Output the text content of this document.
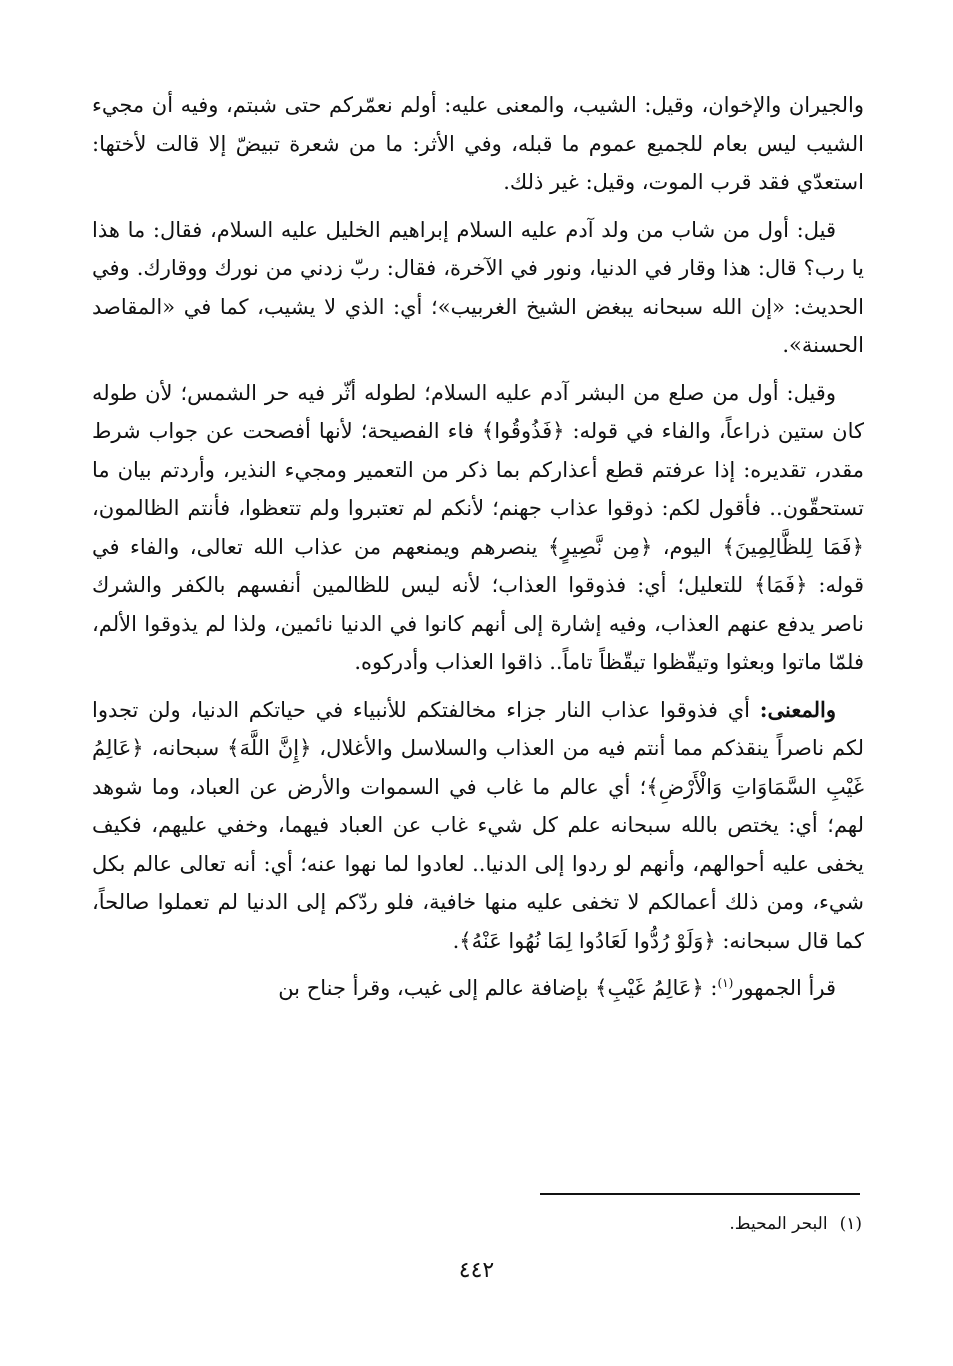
والجيران والإخوان، وقيل: الشيب، والمعنى عليه: أولم نعمّركم حتى شبتم، وفيه أن مجيء الشيب ليس بعام للجميع عموم ما قبله، وفي الأثر: ما من شعرة تبيضّ إلا قالت لأختها: استعدّي فقد قرب الموت، وقيل: غير ذلك.

قيل: أول من شاب من ولد آدم عليه السلام إبراهيم الخليل عليه السلام، فقال: ما هذا يا رب؟ قال: هذا وقار في الدنيا، ونور في الآخرة، فقال: ربّ زدني من نورك ووقارك. وفي الحديث: «إن الله سبحانه يبغض الشيخ الغربيب»؛ أي: الذي لا يشيب، كما في «المقاصد الحسنة».

وقيل: أول من صلع من البشر آدم عليه السلام؛ لطوله أثّر فيه حر الشمس؛ لأن طوله كان ستين ذراعاً، والفاء في قوله: ﴿فَذُوقُوا﴾ فاء الفصيحة؛ لأنها أفصحت عن جواب شرط مقدر، تقديره: إذا عرفتم قطع أعذاركم بما ذكر من التعمير ومجيء النذير، وأردتم بيان ما تستحقّون.. فأقول لكم: ذوقوا عذاب جهنم؛ لأنكم لم تعتبروا ولم تتعظوا، فأنتم الظالمون، ﴿فَمَا لِلظَّالِمِينَ﴾ اليوم، ﴿مِن نَّصِيرٍ﴾ ينصرهم ويمنعهم من عذاب الله تعالى، والفاء في قوله: ﴿فَمَا﴾ للتعليل؛ أي: فذوقوا العذاب؛ لأنه ليس للظالمين أنفسهم بالكفر والشرك ناصر يدفع عنهم العذاب، وفيه إشارة إلى أنهم كانوا في الدنيا نائمين، ولذا لم يذوقوا الألم، فلمّا ماتوا وبعثوا وتيقّظوا تيقّظاً تاماً.. ذاقوا العذاب وأدركوه.

والمعنى: أي فذوقوا عذاب النار جزاء مخالفتكم للأنبياء في حياتكم الدنيا، ولن تجدوا لكم ناصراً ينقذكم مما أنتم فيه من العذاب والسلاسل والأغلال، ﴿إِنَّ اللَّهَ﴾ سبحانه، ﴿عَالِمُ غَيْبِ السَّمَاوَاتِ وَالْأَرْضِ﴾؛ أي عالم ما غاب في السموات والأرض عن العباد، وما شوهد لهم؛ أي: يختص بالله سبحانه علم كل شيء غاب عن العباد فيهما، وخفي عليهم، فكيف يخفى عليه أحوالهم، وأنهم لو ردوا إلى الدنيا.. لعادوا لما نهوا عنه؛ أي: أنه تعالى عالم بكل شيء، ومن ذلك أعمالكم لا تخفى عليه منها خافية، فلو ردّكم إلى الدنيا لم تعملوا صالحاً، كما قال سبحانه: ﴿وَلَوْ رُدُّوا لَعَادُوا لِمَا نُهُوا عَنْهُ﴾.

قرأ الجمهور$^{(١)}$: ﴿عَالِمُ غَيْبِ﴾ بإضافة عالم إلى غيب، وقرأ جناح بن

(١)البحر المحيط.
٤٤٢
